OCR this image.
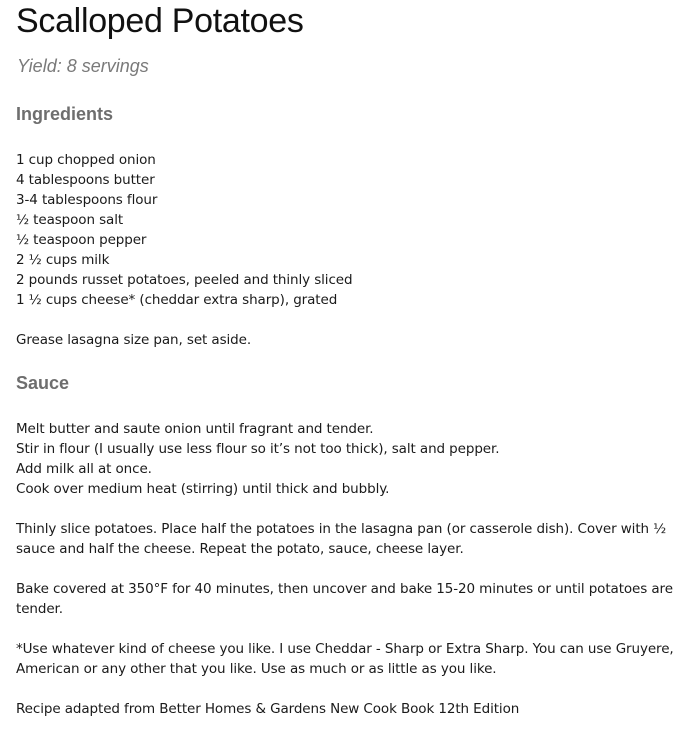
Scalloped Potatoes
Yield: 8 servings
Ingredients
1 cup chopped onion
4 tablespoons butter
3-4 tablespoons flour
½ teaspoon salt
½ teaspoon pepper
2 ½ cups milk
2 pounds russet potatoes, peeled and thinly sliced
1 ½ cups cheese* (cheddar extra sharp), grated

Grease lasagna size pan, set aside.

Sauce
Melt butter and saute onion until fragrant and tender.
Stir in flour (I usually use less flour so it’s not too thick), salt and pepper.
Add milk all at once.
Cook over medium heat (stirring) until thick and bubbly.

Thinly slice potatoes. Place half the potatoes in the lasagna pan (or casserole dish). Cover with ½ sauce and half the cheese. Repeat the potato, sauce, cheese layer.

Bake covered at 350°F for 40 minutes, then uncover and bake 15-20 minutes or until potatoes are tender.

*Use whatever kind of cheese you like. I use Cheddar - Sharp or Extra Sharp. You can use Gruyere, American or any other that you like. Use as much or as little as you like.

Recipe adapted from Better Homes & Gardens New Cook Book 12th Edition
